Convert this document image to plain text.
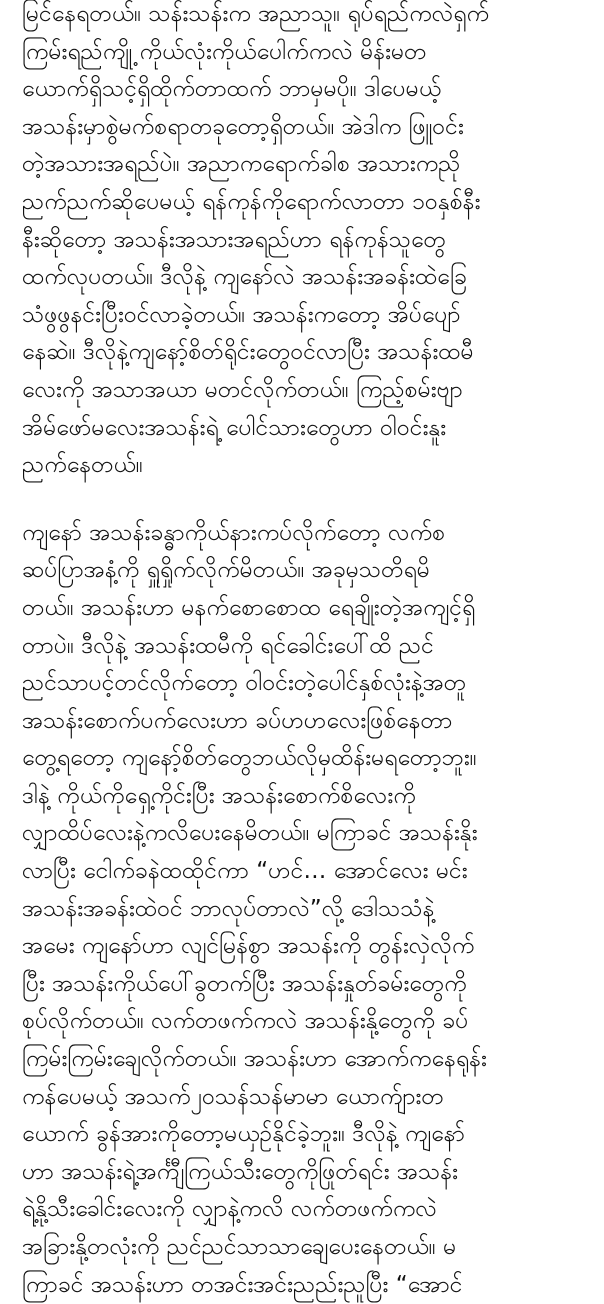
မြင်နေရတယ်။ သန်းသန်းက အညာသူ။ ရုပ်ရည်ကလဲရှက်
ကြမ်းရည်ကျို့ ကိုယ်လုံးကိုယ်ပေါက်ကလဲ မိန်းမတ
ယောက်ရှိသင့်ရှိထိုက်တာထက် ဘာမှမပို။ ဒါပေမယ့်
အသန်းမှာစွဲမက်စရာတခုတော့ရှိတယ်။ အဲဒါက ဖြူဝင်း
တဲ့အသားအရည်ပဲ။ အညာကရောက်ခါစ အသားကညို
ညက်ညက်ဆိုပေမယ့် ရန်ကုန်ကိုရောက်လာတာ ၁၀နှစ်နီး
နီးဆိုတော့ အသန်းအသားအရည်ဟာ ရန်ကုန်သူတွေ
ထက်လုပတယ်။ ဒီလိုနဲ့ ကျနော်လဲ အသန်းအခန်းထဲခြေ
သံဖွဖွနင်းပြီးဝင်လာခဲ့တယ်။ အသန်းကတော့ အိပ်ပျော်
နေဆဲ။ ဒီလိုနဲ့ကျနော့်စိတ်ရိုင်းတွေဝင်လာပြီး အသန်းထမီ
လေးကို အသာအယာ မတင်လိုက်တယ်။ ကြည့်စမ်းဗျာ
အိမ်ဖော်မလေးအသန်းရဲ့ ပေါင်သားတွေဟာ ဝါဝင်းနူး
ညက်နေတယ်။
ကျနော် အသန်းခန္ဓာကိုယ်နားကပ်လိုက်တော့ လက်စ
ဆပ်ပြာအနံ့ကို ရှူရှိုက်လိုက်မိတယ်။ အခုမှသတိရမိ
တယ်။ အသန်းဟာ မနက်စောစောထ ရေချိုးတဲ့အကျင့်ရှိ
တာပဲ။ ဒီလိုနဲ့ အသန်းထမီကို ရင်ခေါင်းပေါ်ထိ ညင်
ညင်သာပင့်တင်လိုက်တော့ ဝါဝင်းတဲ့ပေါင်နှစ်လုံးနဲ့အတူ
အသန်းစောက်ပက်လေးဟာ ခပ်ဟဟလေးဖြစ်နေတာ
တွေ့ရတော့ ကျနော့်စိတ်တွေဘယ်လိုမှထိန်းမရတော့ဘူး။
ဒါနဲ့ ကိုယ်ကိုရှေ့ကိုင်းပြီး အသန်းစောက်စိလေးကို
လျှာထိပ်လေးနဲ့ကလိပေးနေမိတယ်။ မကြာခင် အသန်းနိုး
လာပြီး ငေါက်ခနဲထထိုင်ကာ “ဟင်… အောင်လေး မင်း
အသန်းအခန်းထဲဝင် ဘာလုပ်တာလဲ”လို့ ဒေါသသံနဲ့
အမေး ကျနော်ဟာ လျင်မြန်စွာ အသန်းကို တွန်းလှဲလိုက်
ပြီး အသန်းကိုယ်ပေါ်ခွတက်ပြီး အသန်းနှုတ်ခမ်းတွေကို
စုပ်လိုက်တယ်။ လက်တဖက်ကလဲ အသန်းနို့တွေကို ခပ်
ကြမ်းကြမ်းချေလိုက်တယ်။ အသန်းဟာ အောက်ကနေရုန်း
ကန်ပေမယ့် အသက်၂၀သန်သန်မာမာ ယောက်ျားတ
ယောက် ခွန်အားကိုတော့မယှဉ်နိုင်ခဲ့ဘူး။ ဒီလိုနဲ့ ကျနော်
ဟာ အသန်းရဲ့အင်္ကျီကြယ်သီးတွေကိုဖြုတ်ရင်း အသန်း
ရဲ့နို့သီးခေါင်းလေးကို လျှာနဲ့ကလိ လက်တဖက်ကလဲ
အခြားနို့တလုံးကို ညင်ညင်သာသာချေပေးနေတယ်။ မ
ကြာခင် အသန်းဟာ တအင်းအင်းညည်းညူပြီး “အောင်
